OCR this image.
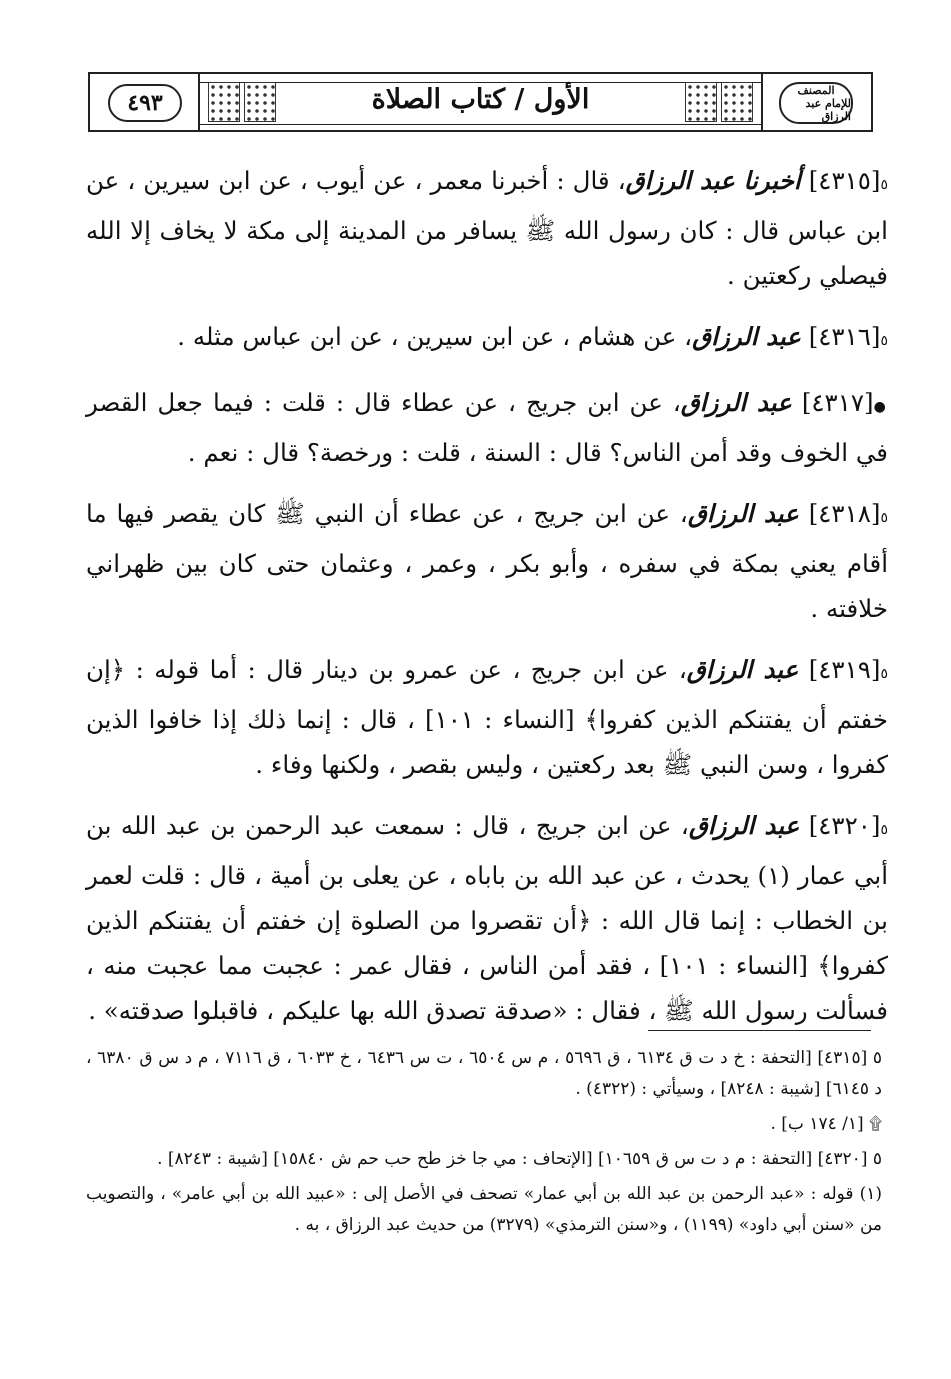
٤٩٣	الأول / كتاب الصلاة	المصنف
للإمام عبد الرزاق

٥[٤٣١٥] أخبرنا عبد الرزاق، قال : أخبرنا معمر ، عن أيوب ، عن ابن سيرين ، عن ابن عباس قال : كان رسول الله ﷺ يسافر من المدينة إلى مكة لا يخاف إلا الله فيصلي ركعتين .

٥[٤٣١٦] عبد الرزاق، عن هشام ، عن ابن سيرين ، عن ابن عباس مثله .

●[٤٣١٧] عبد الرزاق، عن ابن جريج ، عن عطاء قال : قلت : فيما جعل القصر في الخوف وقد أمن الناس؟ قال : السنة ، قلت : ورخصة؟ قال : نعم .

٥[٤٣١٨] عبد الرزاق، عن ابن جريج ، عن عطاء أن النبي ﷺ كان يقصر فيها ما أقام يعني بمكة في سفره ، وأبو بكر ، وعمر ، وعثمان حتى كان بين ظهراني خلافته .

٥[٤٣١٩] عبد الرزاق، عن ابن جريج ، عن عمرو بن دينار قال : أما قوله : ﴿إن خفتم أن يفتنكم الذين كفروا﴾ [النساء : ١٠١] ، قال : إنما ذلك إذا خافوا الذين كفروا ، وسن النبي ﷺ بعد ركعتين ، وليس بقصر ، ولكنها وفاء .

٥[٤٣٢٠] عبد الرزاق، عن ابن جريج ، قال : سمعت عبد الرحمن بن عبد الله بن أبي عمار (١) يحدث ، عن عبد الله بن باباه ، عن يعلى بن أمية ، قال : قلت لعمر بن الخطاب : إنما قال الله : ﴿أن تقصروا من الصلوة إن خفتم أن يفتنكم الذين كفروا﴾ [النساء : ١٠١] ، فقد أمن الناس ، فقال عمر : عجبت مما عجبت منه ، فسألت رسول الله ﷺ ، فقال : «صدقة تصدق الله بها عليكم ، فاقبلوا صدقته» .

٥ [٤٣١٥] [التحفة : خ د ت ق ٦١٣٤ ، ق ٥٦٩٦ ، م س ٦٥٠٤ ، ت س ٦٤٣٦ ، خ ٦٠٣٣ ، ق ٧١١٦ ، م د س ق ٦٣٨٠ ، د ٦١٤٥] [شيبة : ٨٢٤٨] ، وسيأتي : (٤٣٢٢) .

۩ [١/ ١٧٤ ب] .

٥ [٤٣٢٠] [التحفة : م د ت س ق ١٠٦٥٩] [الإتحاف : مي جا خز طح حب حم ش ١٥٨٤٠] [شيبة : ٨٢٤٣] .

(١) قوله : «عبد الرحمن بن عبد الله بن أبي عمار» تصحف في الأصل إلى : «عبيد الله بن أبي عامر» ، والتصويب من «سنن أبي داود» (١١٩٩) ، و«سنن الترمذي» (٣٢٧٩) من حديث عبد الرزاق ، به .
